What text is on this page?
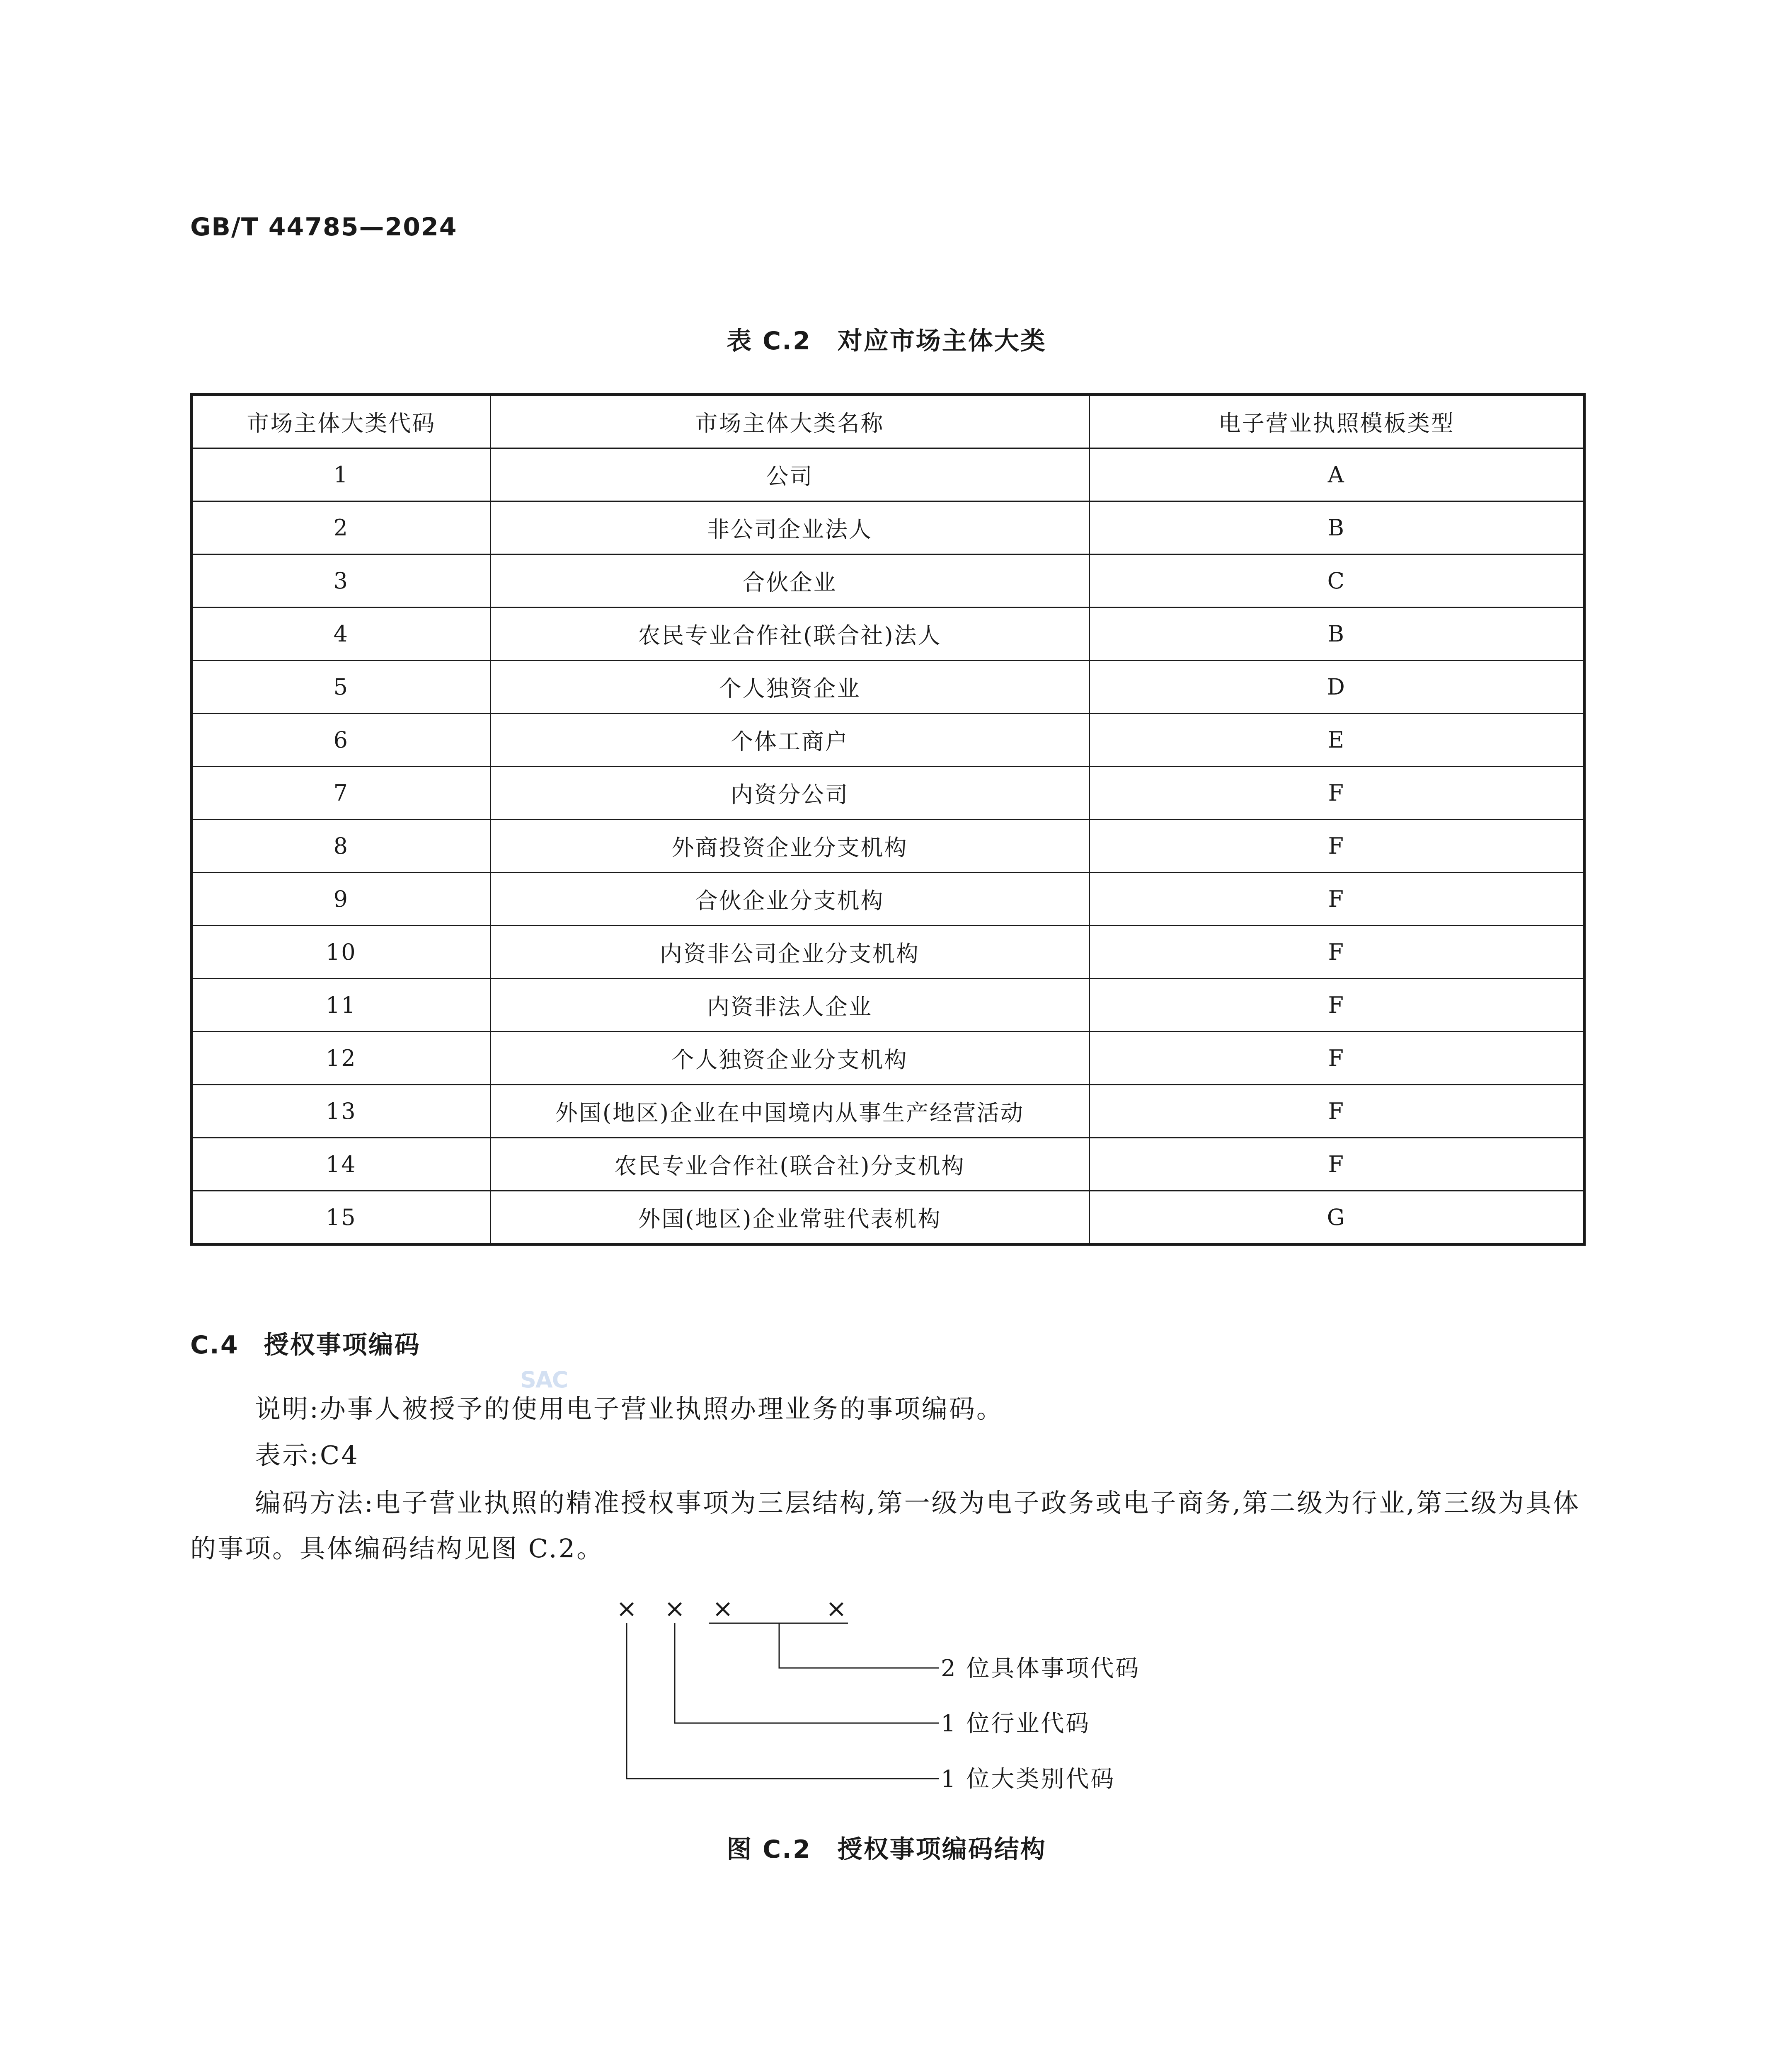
GB/T 44785—2024
表 C.2　对应市场主体大类
市场主体大类代码	市场主体大类名称	电子营业执照模板类型
1	公司	A
2	非公司企业法人	B
3	合伙企业	C
4	农民专业合作社(联合社)法人	B
5	个人独资企业	D
6	个体工商户	E
7	内资分公司	F
8	外商投资企业分支机构	F
9	合伙企业分支机构	F
10	内资非公司企业分支机构	F
11	内资非法人企业	F
12	个人独资企业分支机构	F
13	外国(地区)企业在中国境内从事生产经营活动	F
14	农民专业合作社(联合社)分支机构	F
15	外国(地区)企业常驻代表机构	G
C.4 授权事项编码
SAC
说明:办事人被授予的使用电子营业执照办理业务的事项编码。
表示:C4
编码方法:电子营业执照的精准授权事项为三层结构,第一级为电子政务或电子商务,第二级为行业,第三级为具体的事项。具体编码结构见图 C.2。
× × ×	×
2 位具体事项代码
1 位行业代码
1 位大类别代码
图 C.2　授权事项编码结构
